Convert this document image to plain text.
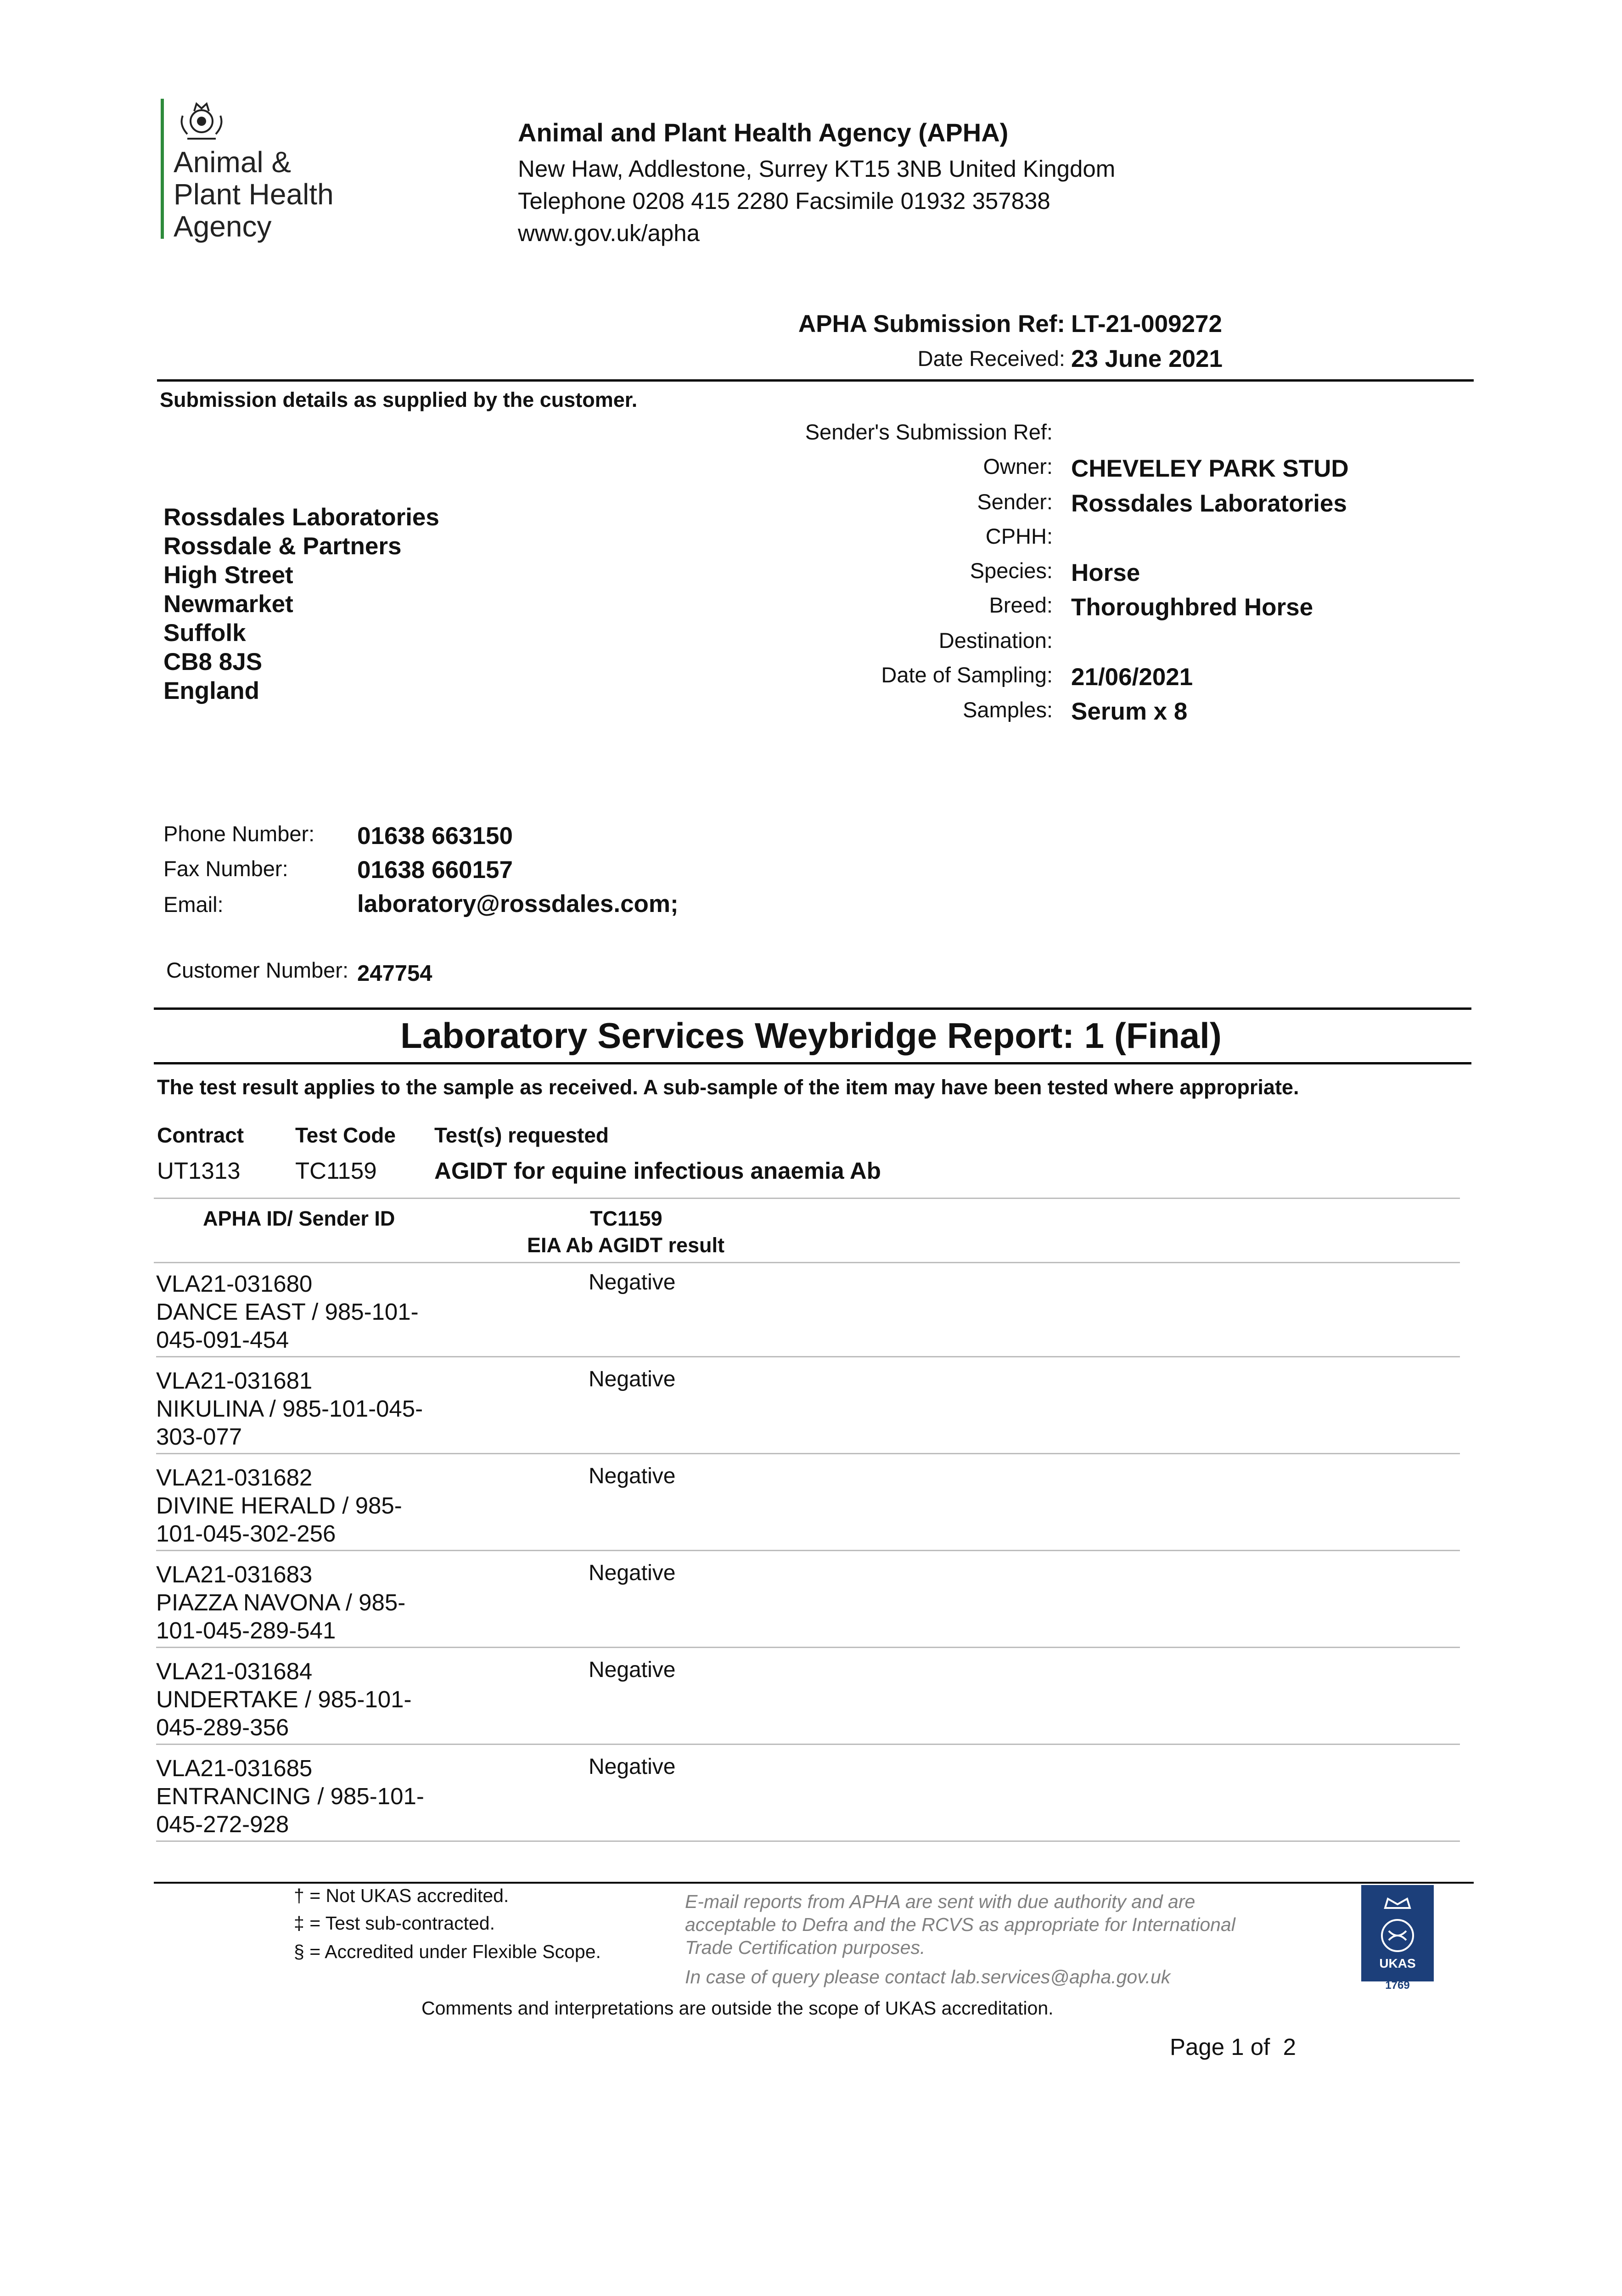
Animal &
Plant Health
Agency
Animal and Plant Health Agency (APHA)
New Haw, Addlestone, Surrey KT15 3NB United Kingdom
Telephone 0208 415 2280 Facsimile 01932 357838
www.gov.uk/apha
APHA Submission Ref: LT-21-009272
Date Received: 23 June 2021
Submission details as supplied by the customer.
Sender's Submission Ref:
Owner: CHEVELEY PARK STUD
Sender: Rossdales Laboratories
CPHH:
Species: Horse
Breed: Thoroughbred Horse
Destination:
Date of Sampling: 21/06/2021
Samples: Serum x 8
Rossdales Laboratories
Rossdale & Partners
High Street
Newmarket
Suffolk
CB8 8JS
England
Phone Number: 01638 663150
Fax Number:	01638 660157
Email:	laboratory@rossdales.com;
Customer Number: 247754
Laboratory Services Weybridge Report: 1 (Final)
The test result applies to the sample as received. A sub-sample of the item may have been tested where appropriate.
Contract Test Code Test(s) requested
UT1313 TC1159 AGIDT for equine infectious anaemia Ab
APHA ID/ Sender ID	TC1159
EIA Ab AGIDT result
VLA21-031680
DANCE EAST / 985-101-
045-091-454
Negative
VLA21-031681
NIKULINA / 985-101-045-
303-077
Negative
VLA21-031682
DIVINE HERALD / 985-
101-045-302-256
Negative
VLA21-031683
PIAZZA NAVONA / 985-
101-045-289-541
Negative
VLA21-031684
UNDERTAKE / 985-101-
045-289-356
Negative
VLA21-031685
ENTRANCING / 985-101-
045-272-928
Negative
† = Not UKAS accredited.
‡ = Test sub-contracted.
§ = Accredited under Flexible Scope.
E-mail reports from APHA are sent with due authority and are
acceptable to Defra and the RCVS as appropriate for International
Trade Certification purposes.
In case of query please contact lab.services@apha.gov.uk
UKAS
1769
Comments and interpretations are outside the scope of UKAS accreditation.
Page 1 of  2
